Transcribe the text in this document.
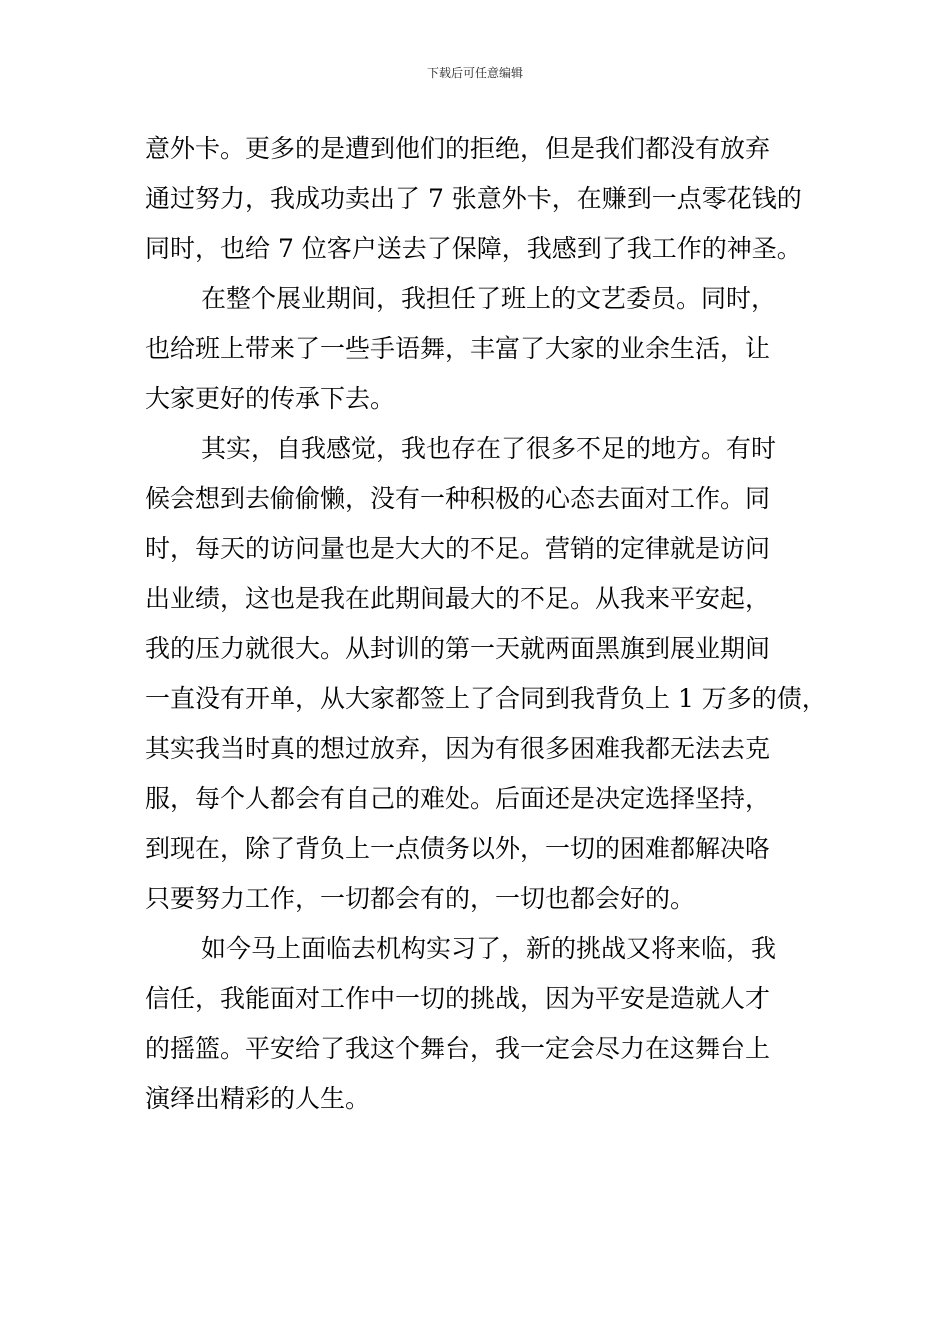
下载后可任意编辑
意外卡。更多的是遭到他们的拒绝，但是我们都没有放弃
通过努力，我成功卖出了 7 张意外卡，在赚到一点零花钱的
同时，也给 7 位客户送去了保障，我感到了我工作的神圣。
在整个展业期间，我担任了班上的文艺委员。同时，
也给班上带来了一些手语舞，丰富了大家的业余生活，让
大家更好的传承下去。
其实，自我感觉，我也存在了很多不足的地方。有时
候会想到去偷偷懒，没有一种积极的心态去面对工作。同
时，每天的访问量也是大大的不足。营销的定律就是访问
出业绩，这也是我在此期间最大的不足。从我来平安起，
我的压力就很大。从封训的第一天就两面黑旗到展业期间
一直没有开单，从大家都签上了合同到我背负上 1 万多的债，
其实我当时真的想过放弃，因为有很多困难我都无法去克
服，每个人都会有自己的难处。后面还是决定选择坚持，
到现在，除了背负上一点债务以外，一切的困难都解决咯
只要努力工作，一切都会有的，一切也都会好的。
如今马上面临去机构实习了，新的挑战又将来临，我
信任，我能面对工作中一切的挑战，因为平安是造就人才
的摇篮。平安给了我这个舞台，我一定会尽力在这舞台上
演绎出精彩的人生。
